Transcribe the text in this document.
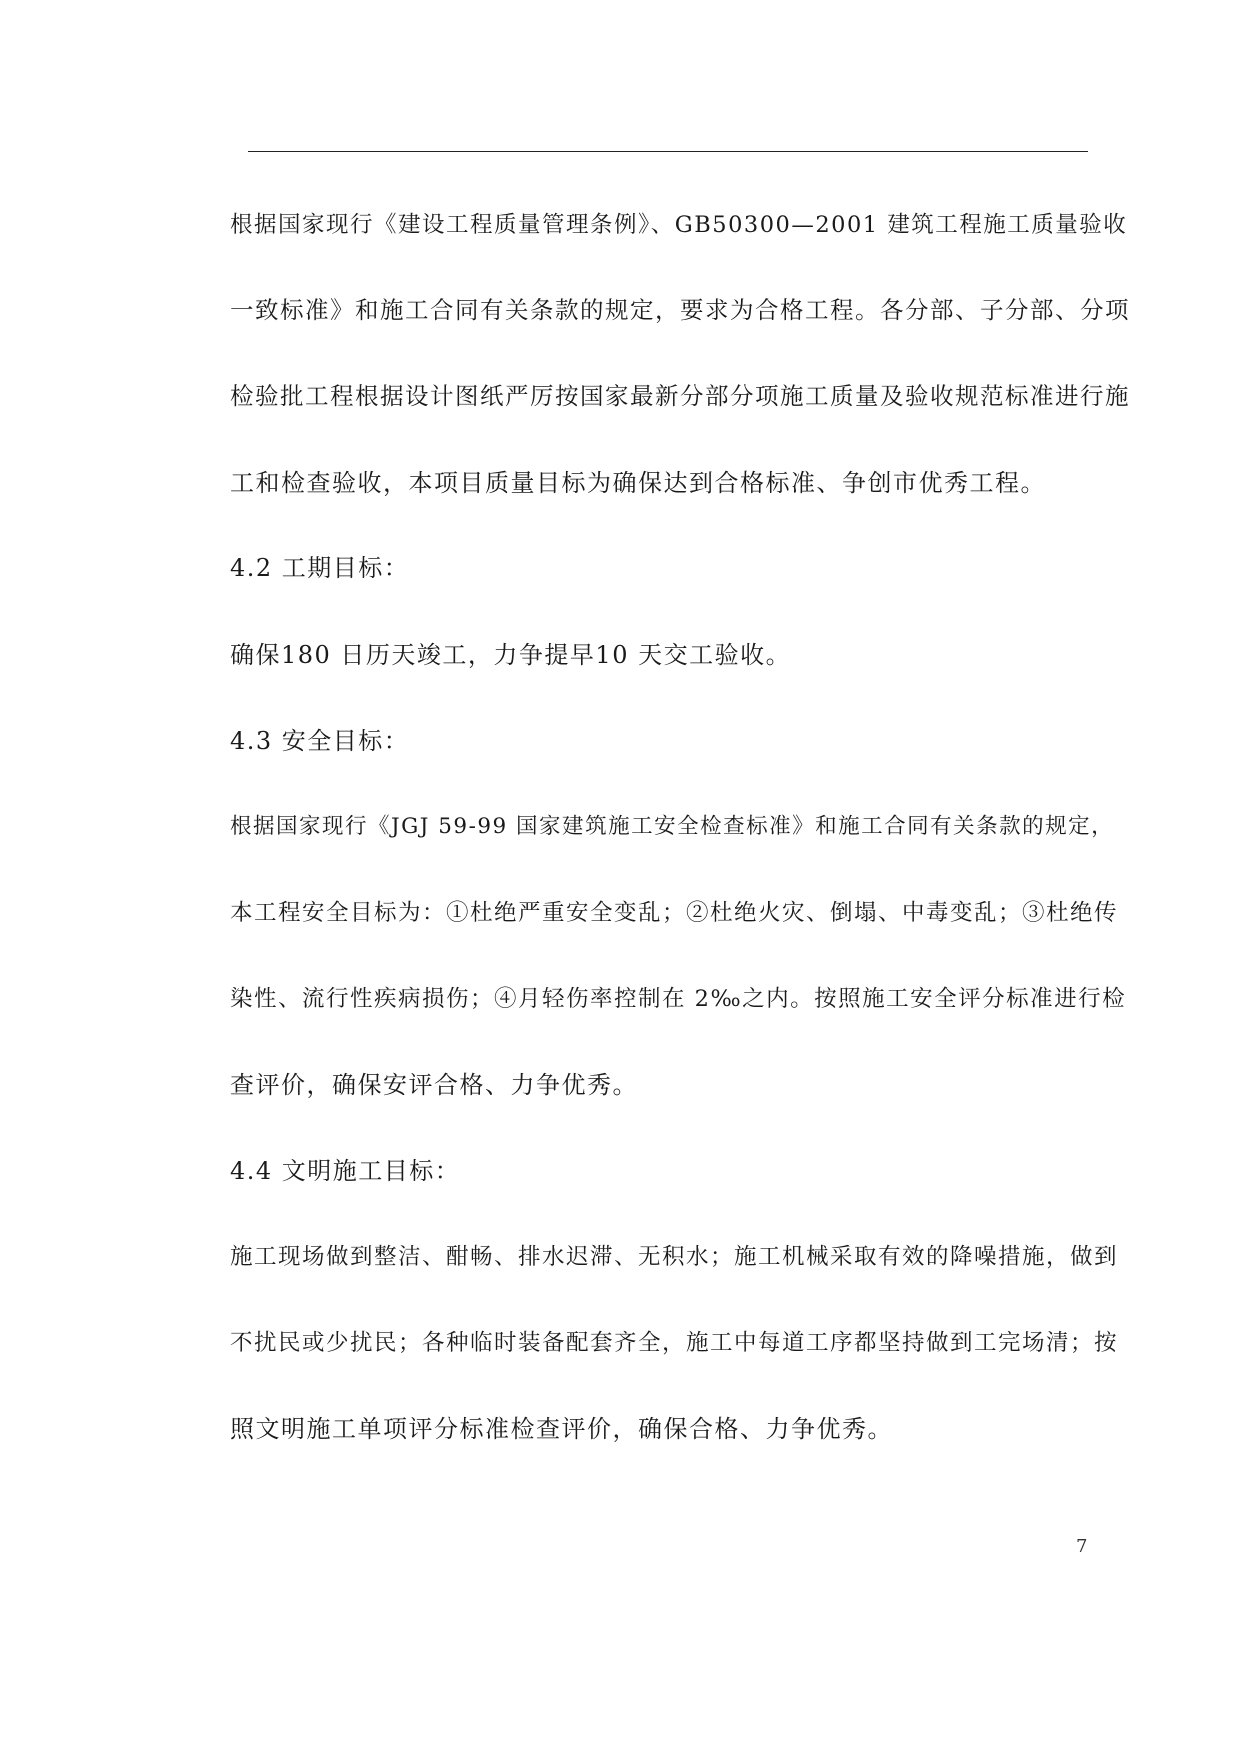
根据国家现行《建设工程质量管理条例》、GB50300—2001 建筑工程施工质量验收
一致标准》和施工合同有关条款的规定，要求为合格工程。各分部、子分部、分项
检验批工程根据设计图纸严厉按国家最新分部分项施工质量及验收规范标准进行施
工和检查验收，本项目质量目标为确保达到合格标准、争创市优秀工程。
4.2 工期目标：
确保180 日历天竣工，力争提早10 天交工验收。
4.3 安全目标：
根据国家现行《JGJ 59-99 国家建筑施工安全检查标准》和施工合同有关条款的规定，
本工程安全目标为：①杜绝严重安全变乱；②杜绝火灾、倒塌、中毒变乱；③杜绝传
染性、流行性疾病损伤；④月轻伤率控制在 2‰之内。按照施工安全评分标准进行检
查评价，确保安评合格、力争优秀。
4.4 文明施工目标：
施工现场做到整洁、酣畅、排水迟滞、无积水；施工机械采取有效的降噪措施，做到
不扰民或少扰民；各种临时装备配套齐全，施工中每道工序都坚持做到工完场清；按
照文明施工单项评分标准检查评价，确保合格、力争优秀。
7
